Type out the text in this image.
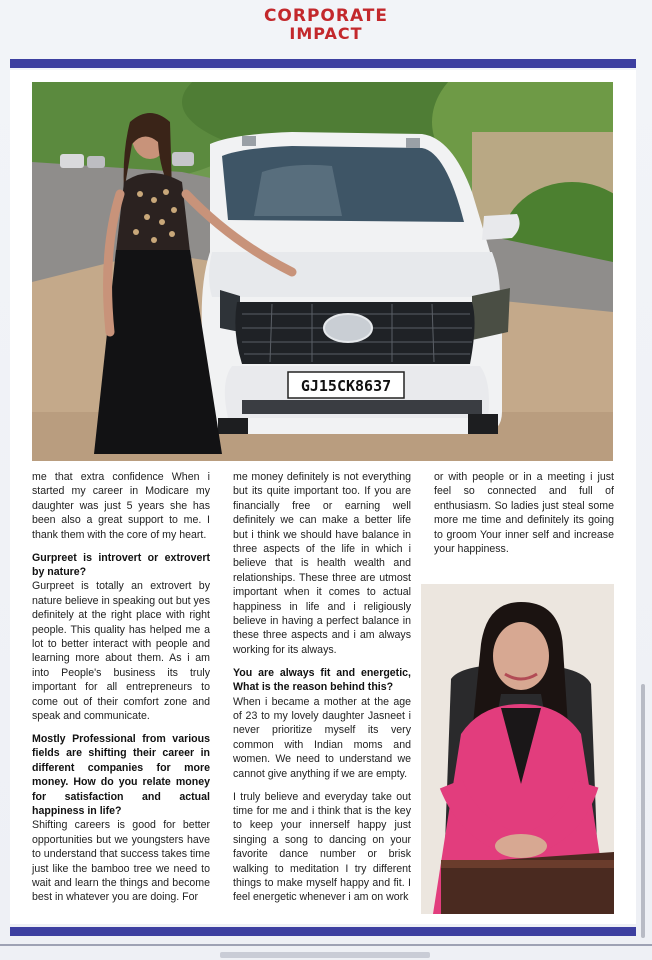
CORPORATE
IMPACT
GJ15CK8637

me that extra confidence When i started my career in Modicare my daughter was just 5 years she has been also a great support to me. I thank them with the core of my heart.

Gurpreet is introvert or extrovert by nature?

Gurpreet is totally an extrovert by nature believe in speaking out but yes definitely at the right place with right people. This quality has helped me a lot to better interact with people and learning more about them. As i am into People's business its truly important for all entrepreneurs to come out of their comfort zone and speak and communicate.

Mostly Professional from various fields are shifting their career in different companies for more money. How do you relate money for satisfaction and actual happiness in life?

Shifting careers is good for better opportunities but we youngsters have to understand that success takes time just like the bamboo tree we need to wait and learn the things and become best in whatever you are doing. For

me money definitely is not everything but its quite important too. If you are financially free or earning well definitely we can make a better life but i think we should have balance in three aspects of the life in which i believe that is health wealth and relationships. These three are utmost important when it comes to actual happiness in life and i religiously believe in having a perfect balance in these three aspects and i am always working for its always.

You are always fit and energetic, What is the reason behind this?

When i became a mother at the age of 23 to my lovely daughter Jasneet i never prioritize myself its very common with Indian moms and women. We need to understand we cannot give anything if we are empty.

I truly believe and everyday take out time for me and i think that is the key to keep your innerself happy just singing a song to dancing on your favorite dance number or brisk walking to meditation I try different things to make myself happy and fit. I feel energetic whenever i am on work

or with people or in a meeting i just feel so connected and full of enthusiasm. So ladies just steal some more me time and definitely its going to groom Your inner self and increase your happiness.
